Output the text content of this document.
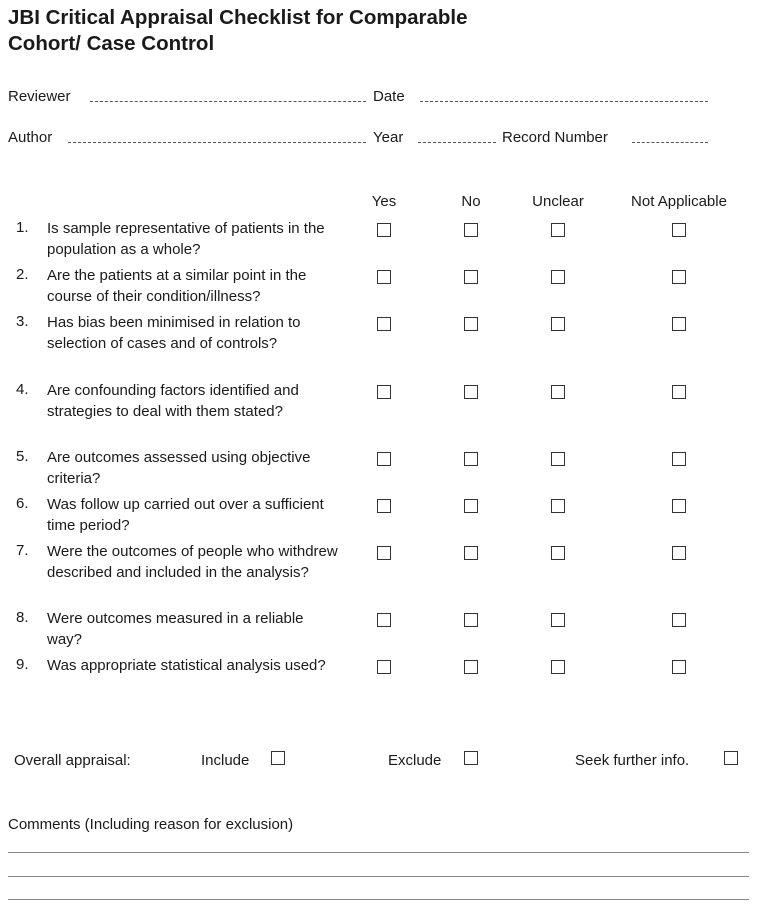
JBI Critical Appraisal Checklist for Comparable
Cohort/ Case Control
Reviewer	Date
Author	Year	Record Number
Yes	No	Unclear	Not Applicable
1. Is sample representative of patients in the population as a whole?
2. Are the patients at a similar point in the course of their condition/illness?
3. Has bias been minimised in relation to selection of cases and of controls?
4. Are confounding factors identified and strategies to deal with them stated?
5. Are outcomes assessed using objective criteria?
6. Was follow up carried out over a sufficient time period?
7. Were the outcomes of people who withdrew described and included in the analysis?
8. Were outcomes measured in a reliable way?
9. Was appropriate statistical analysis used?
Overall appraisal:	Include	Exclude	Seek further info.
Comments (Including reason for exclusion)
